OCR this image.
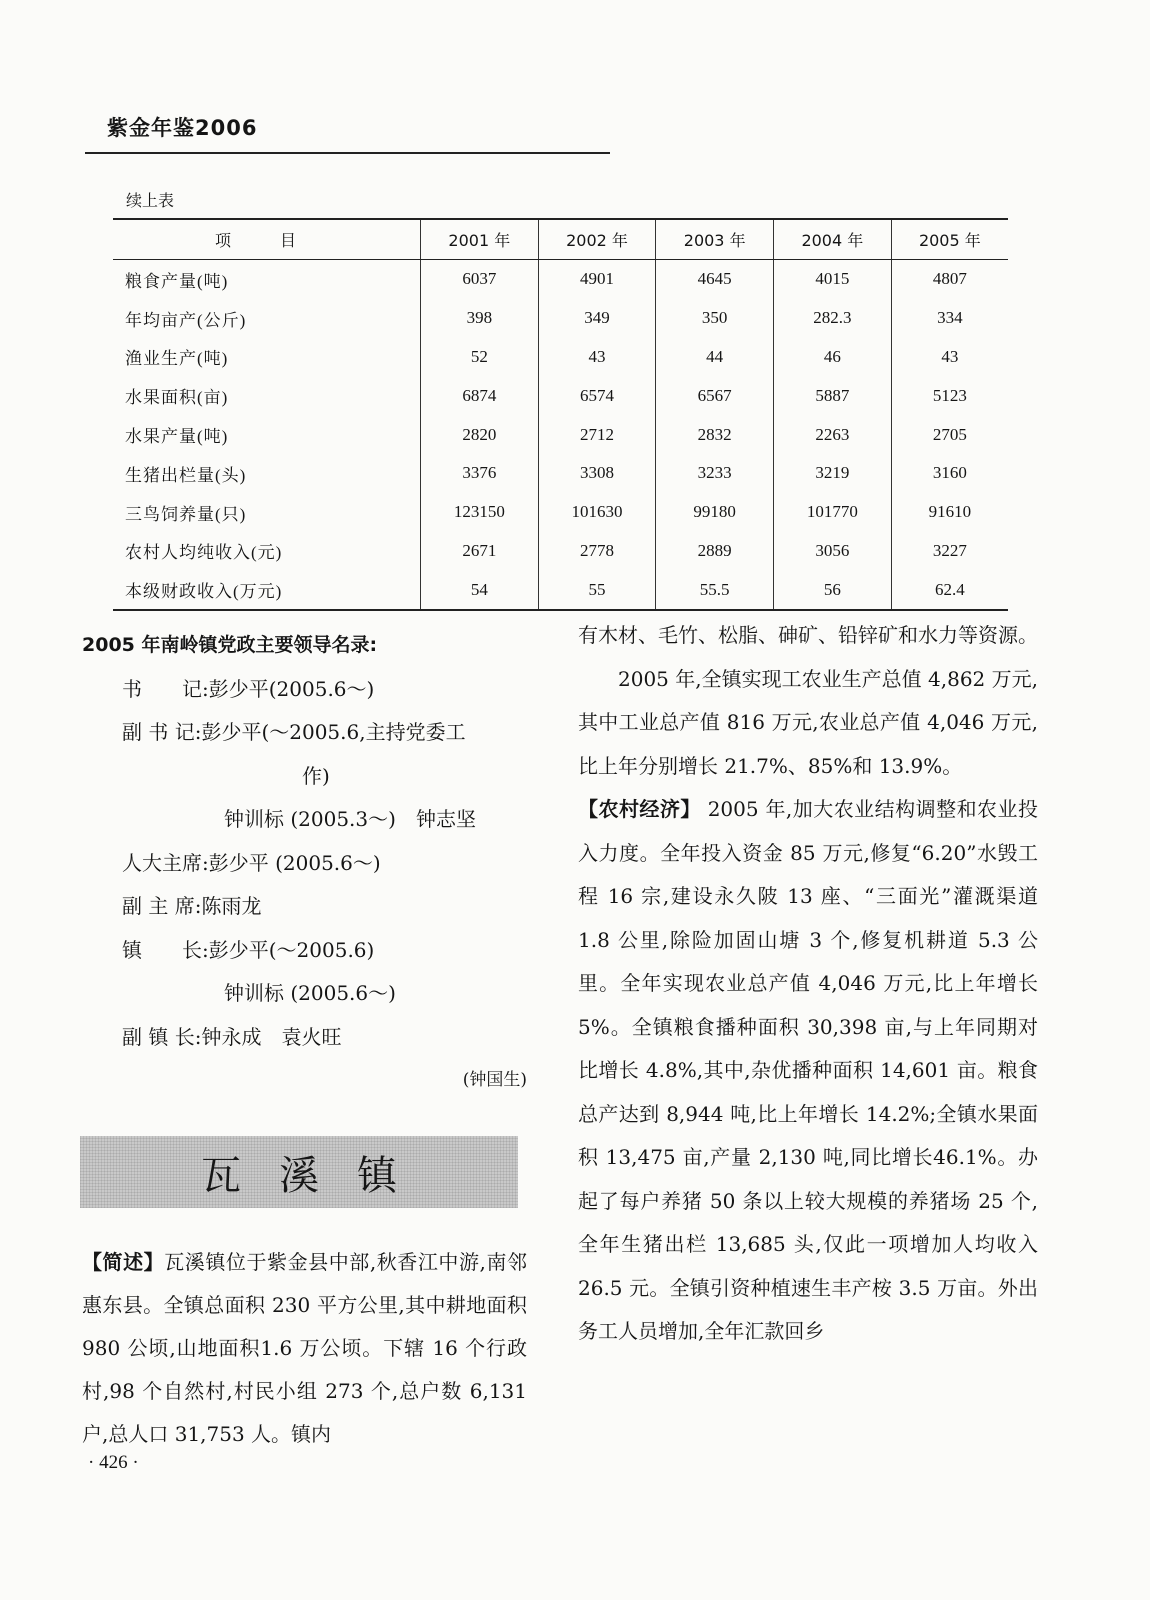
紫金年鉴2006
续上表
项 目	2001 年	2002 年	2003 年	2004 年	2005 年
粮食产量(吨)	6037	4901	4645	4015	4807
年均亩产(公斤)	398	349	350	282.3	334
渔业生产(吨)	52	43	44	46	43
水果面积(亩)	6874	6574	6567	5887	5123
水果产量(吨)	2820	2712	2832	2263	2705
生猪出栏量(头)	3376	3308	3233	3219	3160
三鸟饲养量(只)	123150	101630	99180	101770	91610
农村人均纯收入(元)	2671	2778	2889	3056	3227
本级财政收入(万元)	54	55	55.5	56	62.4

2005 年南岭镇党政主要领导名录:

书　　记:彭少平(2005.6～)

副 书 记:彭少平(～2005.6,主持党委工

作)

钟训标 (2005.3～)　钟志坚

人大主席:彭少平 (2005.6～)

副 主 席:陈雨龙

镇　　长:彭少平(～2005.6)

钟训标 (2005.6～)

副 镇 长:钟永成　袁火旺

(钟国生)

瓦溪镇

【简述】瓦溪镇位于紫金县中部,秋香江中游,南邻惠东县。全镇总面积 230 平方公里,其中耕地面积980 公顷,山地面积1.6 万公顷。下辖 16 个行政村,98 个自然村,村民小组 273 个,总户数 6,131 户,总人口 31,753 人。镇内

有木材、毛竹、松脂、砷矿、铅锌矿和水力等资源。

2005 年,全镇实现工农业生产总值 4,862 万元,其中工业总产值 816 万元,农业总产值 4,046 万元,比上年分别增长 21.7%、85%和 13.9%。

【农村经济】 2005 年,加大农业结构调整和农业投入力度。全年投入资金 85 万元,修复“6.20”水毁工程 16 宗,建设永久陂 13 座、“三面光”灌溉渠道 1.8 公里,除险加固山塘 3 个,修复机耕道 5.3 公里。全年实现农业总产值 4,046 万元,比上年增长 5%。全镇粮食播种面积 30,398 亩,与上年同期对比增长 4.8%,其中,杂优播种面积 14,601 亩。粮食总产达到 8,944 吨,比上年增长 14.2%;全镇水果面积 13,475 亩,产量 2,130 吨,同比增长46.1%。办起了每户养猪 50 条以上较大规模的养猪场 25 个,全年生猪出栏 13,685 头,仅此一项增加人均收入 26.5 元。全镇引资种植速生丰产桉 3.5 万亩。外出务工人员增加,全年汇款回乡

· 426 ·
